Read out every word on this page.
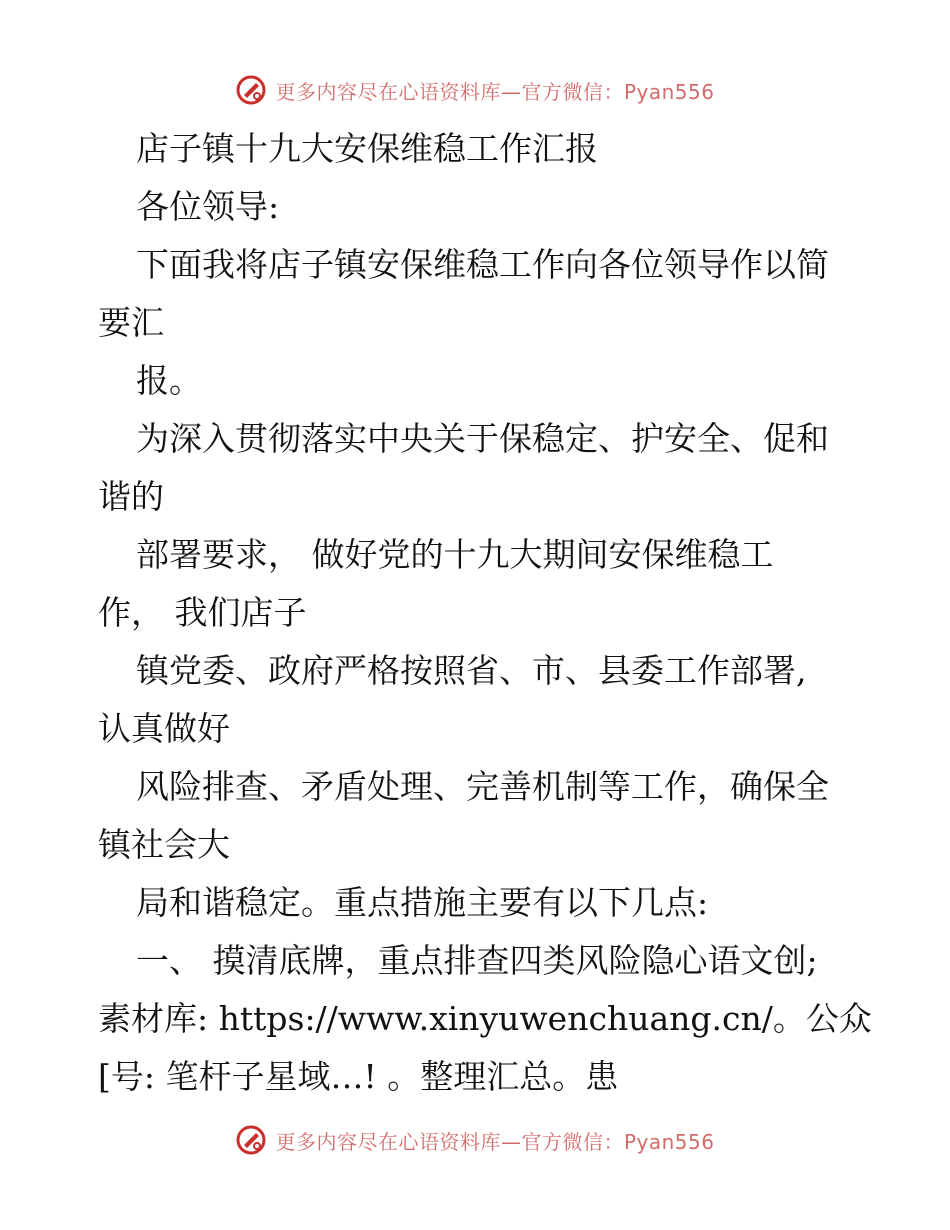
更多内容尽在心语资料库—官方微信：Pyan556

店子镇十九大安保维稳工作汇报

各位领导:

下面我将店子镇安保维稳工作向各位领导作以简

要汇

报。

为深入贯彻落实中央关于保稳定、护安全、促和

谐的

部署要求， 做好党的十九大期间安保维稳工

作， 我们店子

镇党委、政府严格按照省、市、县委工作部署,

认真做好

风险排查、矛盾处理、完善机制等工作，确保全

镇社会大

局和谐稳定。重点措施主要有以下几点:

一、 摸清底牌，重点排查四类风险隐心语文创;

素材库: https://www.xinyuwenchuang.cn/。公众

[号: 笔杆子星域…! 。整理汇总。患

更多内容尽在心语资料库—官方微信：Pyan556
